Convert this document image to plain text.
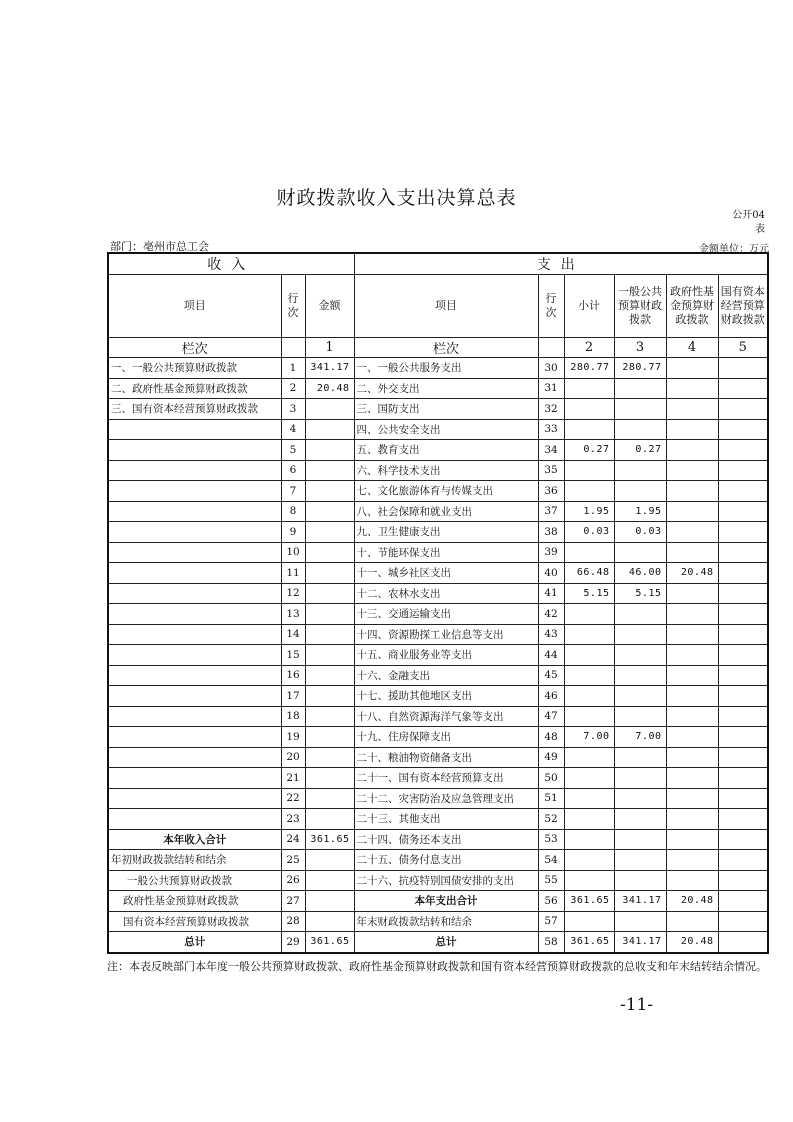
财政拨款收入支出决算总表
公开04
表
部门：亳州市总工会	金额单位：万元
收入			支出					
项目	行次	金额	项目	行次	小计	一般公共预算财政拨款	政府性基金预算财政拨款	国有资本经营预算财政拨款
栏次		1	栏次		2	3	4	5
一、一般公共预算财政拨款	1	341.17	一、一般公共服务支出	30	280.77	280.77		
二、政府性基金预算财政拨款	2	20.48	二、外交支出	31				
三、国有资本经营预算财政拨款	3		三、国防支出	32				
	4		四、公共安全支出	33				
	5		五、教育支出	34	0.27	0.27		
	6		六、科学技术支出	35				
	7		七、文化旅游体育与传媒支出	36				
	8		八、社会保障和就业支出	37	1.95	1.95		
	9		九、卫生健康支出	38	0.03	0.03		
	10		十、节能环保支出	39				
	11		十一、城乡社区支出	40	66.48	46.00	20.48	
	12		十二、农林水支出	41	5.15	5.15		
	13		十三、交通运输支出	42				
	14		十四、资源勘探工业信息等支出	43				
	15		十五、商业服务业等支出	44				
	16		十六、金融支出	45				
	17		十七、援助其他地区支出	46				
	18		十八、自然资源海洋气象等支出	47				
	19		十九、住房保障支出	48	7.00	7.00		
	20		二十、粮油物资储备支出	49				
	21		二十一、国有资本经营预算支出	50				
	22		二十二、灾害防治及应急管理支出	51				
	23		二十三、其他支出	52				
本年收入合计	24	361.65	二十四、债务还本支出	53				
年初财政拨款结转和结余	25		二十五、债务付息支出	54				
一般公共预算财政拨款	26		二十六、抗疫特别国债安排的支出	55				
政府性基金预算财政拨款	27		本年支出合计	56	361.65	341.17	20.48	
国有资本经营预算财政拨款	28		年末财政拨款结转和结余	57				
总计	29	361.65	总计	58	361.65	341.17	20.48	
注：本表反映部门本年度一般公共预算财政拨款、政府性基金预算财政拨款和国有资本经营预算财政拨款的总收支和年末结转结余情况。
-11-
